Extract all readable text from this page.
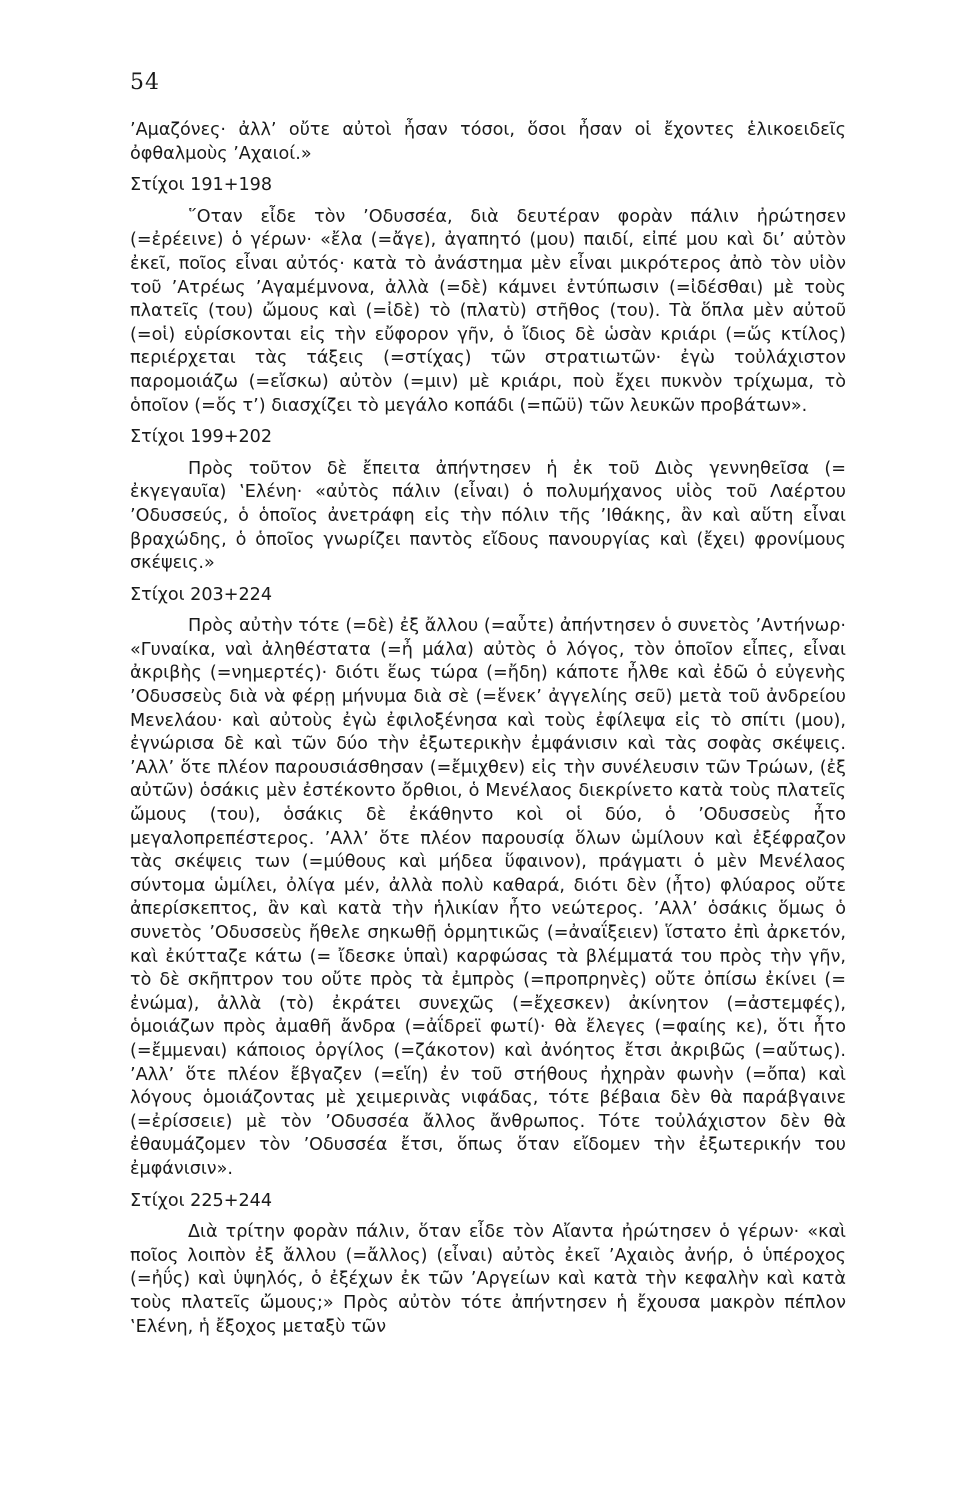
54

’Αμαζόνες· ἀλλ’ οὔτε αὐτοὶ ἦσαν τόσοι, ὅσοι ἦσαν οἱ ἔχοντες ἑλικοειδεῖς ὀφθαλμοὺς ’Αχαιοί.»

Στίχοι 191+198

῞Οταν εἶδε τὸν ’Οδυσσέα, διὰ δευτέραν φορὰν πάλιν ἠρώτησεν (=ἐρέεινε) ὁ γέρων· «ἔλα (=ἄγε), ἀγαπητό (μου) παιδί, εἰπέ μου καὶ δι’ αὐτὸν ἐκεῖ, ποῖος εἶναι αὐτός· κατὰ τὸ ἀνάστημα μὲν εἶναι μικρότερος ἀπὸ τὸν υἱὸν τοῦ ’Ατρέως ’Αγαμέμνονα, ἀλλὰ (=δὲ) κάμνει ἐντύπωσιν (=ἰδέσθαι) μὲ τοὺς πλατεῖς (του) ὤμους καὶ (=ἰδὲ) τὸ (πλατὺ) στῆθος (του). Τὰ ὅπλα μὲν αὐτοῦ (=οἱ) εὑρίσκονται εἰς τὴν εὔφορον γῆν, ὁ ἴδιος δὲ ὡσὰν κριάρι (=ὥς κτίλος) περιέρχεται τὰς τάξεις (=στίχας) τῶν στρατιωτῶν· ἐγὼ τοὐλάχιστον παρομοιάζω (=εἴσκω) αὐτὸν (=μιν) μὲ κριάρι, ποὺ ἔχει πυκνὸν τρίχωμα, τὸ ὁποῖον (=ὅς τ’) διασχίζει τὸ μεγάλο κοπάδι (=πῶϋ) τῶν λευκῶν προβάτων».

Στίχοι 199+202

Πρὸς τοῦτον δὲ ἔπειτα ἀπήντησεν ἡ ἐκ τοῦ Διὸς γεννηθεῖσα (= ἐκγεγαυῖα) ‛Ελένη· «αὐτὸς πάλιν (εἶναι) ὁ πολυμήχανος υἱὸς τοῦ Λαέρτου ’Οδυσσεύς, ὁ ὁποῖος ἀνετράφη εἰς τὴν πόλιν τῆς ’Ιθάκης, ἂν καὶ αὕτη εἶναι βραχώδης, ὁ ὁποῖος γνωρίζει παντὸς εἴδους πανουργίας καὶ (ἔχει) φρονίμους σκέψεις.»

Στίχοι 203+224

Πρὸς αὐτὴν τότε (=δὲ) ἐξ ἄλλου (=αὖτε) ἀπήντησεν ὁ συνετὸς ’Αντήνωρ· «Γυναίκα, ναὶ ἀληθέστατα (=ἦ μάλα) αὐτὸς ὁ λόγος, τὸν ὁποῖον εἶπες, εἶναι ἀκριβὴς (=νημερτές)· διότι ἕως τώρα (=ἤδη) κάποτε ἦλθε καὶ ἐδῶ ὁ εὐγενὴς ’Οδυσσεὺς διὰ νὰ φέρῃ μήνυμα διὰ σὲ (=ἕνεκ’ ἀγγελίης σεῦ) μετὰ τοῦ ἀνδρείου Μενελάου· καὶ αὐτοὺς ἐγὼ ἐφιλοξένησα καὶ τοὺς ἐφίλεψα εἰς τὸ σπίτι (μου), ἐγνώρισα δὲ καὶ τῶν δύο τὴν ἐξωτερικὴν ἐμφάνισιν καὶ τὰς σοφὰς σκέψεις. ’Αλλ’ ὅτε πλέον παρουσιάσθησαν (=ἔμιχθεν) εἰς τὴν συνέλευσιν τῶν Τρώων, (ἐξ αὐτῶν) ὁσάκις μὲν ἐστέκοντο ὄρθιοι, ὁ Μενέλαος διεκρίνετο κατὰ τοὺς πλατεῖς ὤμους (του), ὁσάκις δὲ ἐκάθηντο κοὶ οἱ δύο, ὁ ’Οδυσσεὺς ἦτο μεγαλοπρεπέστερος. ’Αλλ’ ὅτε πλέον παρουσίᾳ ὅλων ὡμίλουν καὶ ἐξέφραζον τὰς σκέψεις των (=μύθους καὶ μήδεα ὕφαινον), πράγματι ὁ μὲν Μενέλαος σύντομα ὡμίλει, ὀλίγα μέν, ἀλλὰ πολὺ καθαρά, διότι δὲν (ἦτο) φλύαρος οὔτε ἀπερίσκεπτος, ἂν καὶ κατὰ τὴν ἡλικίαν ἦτο νεώτερος. ’Αλλ’ ὁσάκις ὅμως ὁ συνετὸς ’Οδυσσεὺς ἤθελε σηκωθῇ ὁρμητικῶς (=ἀναΐξειεν) ἵστατο ἐπὶ ἀρκετόν, καὶ ἐκύτταζε κάτω (= ἴδεσκε ὑπαὶ) καρφώσας τὰ βλέμματά του πρὸς τὴν γῆν, τὸ δὲ σκῆπτρον του οὔτε πρὸς τὰ ἐμπρὸς (=προπρηνὲς) οὔτε ὀπίσω ἐκίνει (= ἐνώμα), ἀλλὰ (τὸ) ἐκράτει συνεχῶς (=ἔχεσκεν) ἀκίνητον (=ἀστεμφές), ὁμοιάζων πρὸς ἀμαθῆ ἄνδρα (=ἀΐδρεϊ φωτί)· θὰ ἔλεγες (=φαίης κε), ὅτι ἦτο (=ἔμμεναι) κάποιος ὀργίλος (=ζάκοτον) καὶ ἀνόητος ἔτσι ἀκριβῶς (=αὔτως). ’Αλλ’ ὅτε πλέον ἔβγαζεν (=εἵη) ἐν τοῦ στήθους ἠχηρὰν φωνὴν (=ὄπα) καὶ λόγους ὁμοιάζοντας μὲ χειμερινὰς νιφάδας, τότε βέβαια δὲν θὰ παράβγαινε (=ἐρίσσειε) μὲ τὸν ’Οδυσσέα ἄλλος ἄνθρωπος. Τότε τοὐλάχιστον δὲν θὰ ἐθαυμάζομεν τὸν ’Οδυσσέα ἔτσι, ὅπως ὅταν εἴδομεν τὴν ἐξωτερικήν του ἐμφάνισιν».

Στίχοι 225+244

Διὰ τρίτην φορὰν πάλιν, ὅταν εἶδε τὸν Αἴαντα ἠρώτησεν ὁ γέρων· «καὶ ποῖος λοιπὸν ἐξ ἄλλου (=ἄλλος) (εἶναι) αὐτὸς ἐκεῖ ’Αχαιὸς ἀνήρ, ὁ ὑπέροχος (=ἠΰς) καὶ ὑψηλός, ὁ ἐξέχων ἐκ τῶν ’Αργείων καὶ κατὰ τὴν κεφαλὴν καὶ κατὰ τοὺς πλατεῖς ὤμους;» Πρὸς αὐτὸν τότε ἀπήντησεν ἡ ἔχουσα μακρὸν πέπλον ‛Ελένη, ἡ ἔξοχος μεταξὺ τῶν
